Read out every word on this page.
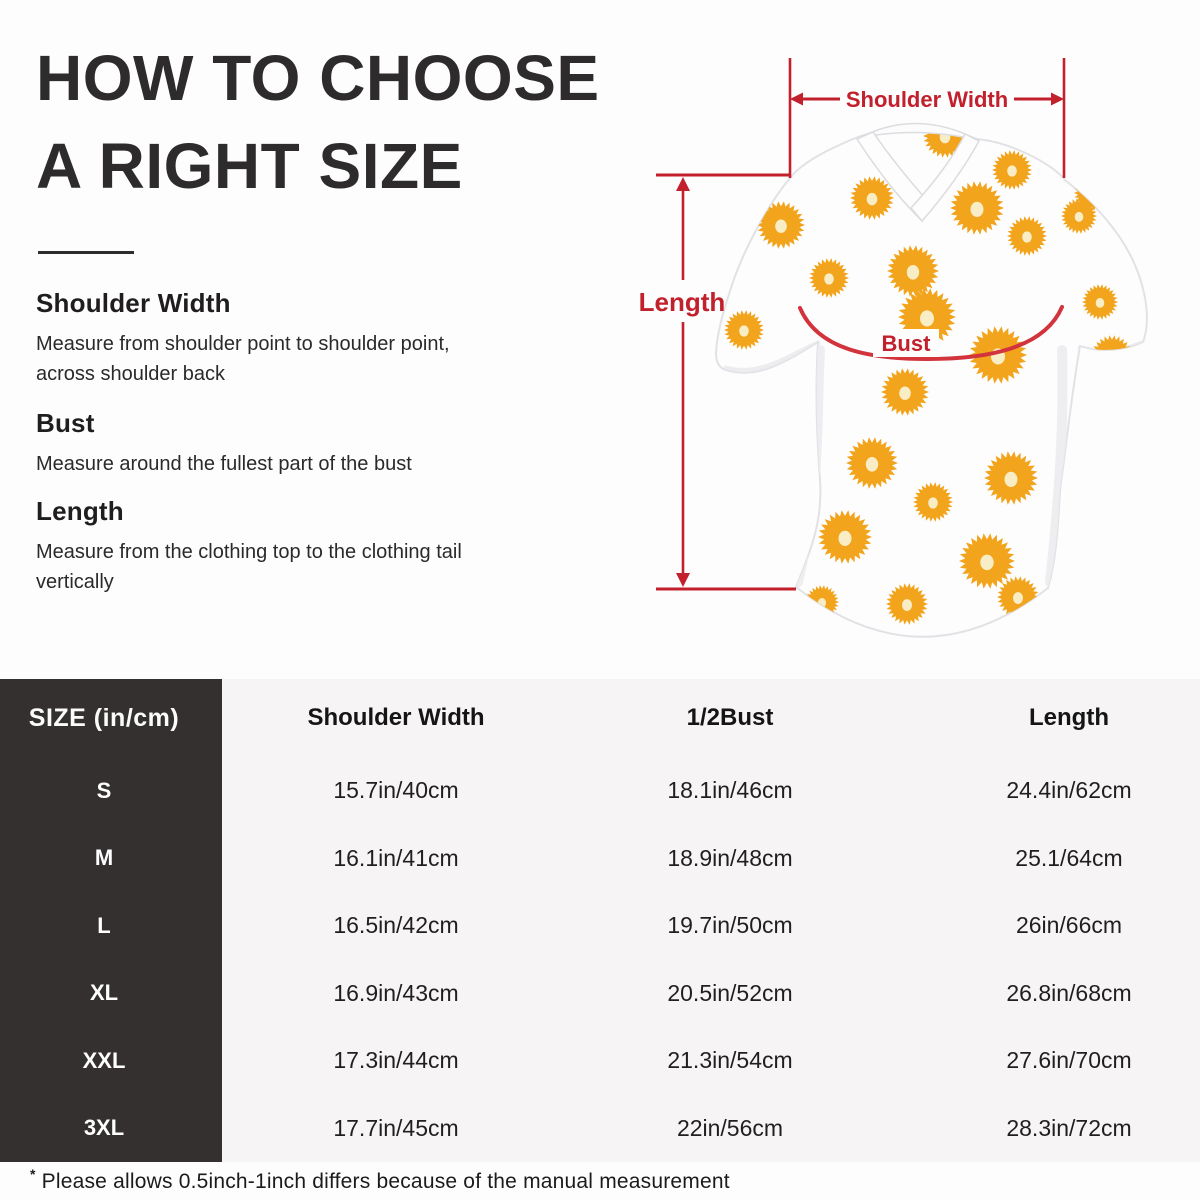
HOW TO CHOOSE
A RIGHT SIZE
Shoulder Width
Measure from shoulder point to shoulder point, across shoulder back
Bust
Measure around the fullest part of the bust
Length
Measure from the clothing top to the clothing tail vertically
Shoulder Width
Length
Bust
SIZE (in/cm)	Shoulder Width	1/2Bust	Length
S	15.7in/40cm	18.1in/46cm	24.4in/62cm
M	16.1in/41cm	18.9in/48cm	25.1/64cm
L	16.5in/42cm	19.7in/50cm	26in/66cm
XL	16.9in/43cm	20.5in/52cm	26.8in/68cm
XXL	17.3in/44cm	21.3in/54cm	27.6in/70cm
3XL	17.7in/45cm	22in/56cm	28.3in/72cm
* Please allows 0.5inch-1inch differs because of the manual measurement
